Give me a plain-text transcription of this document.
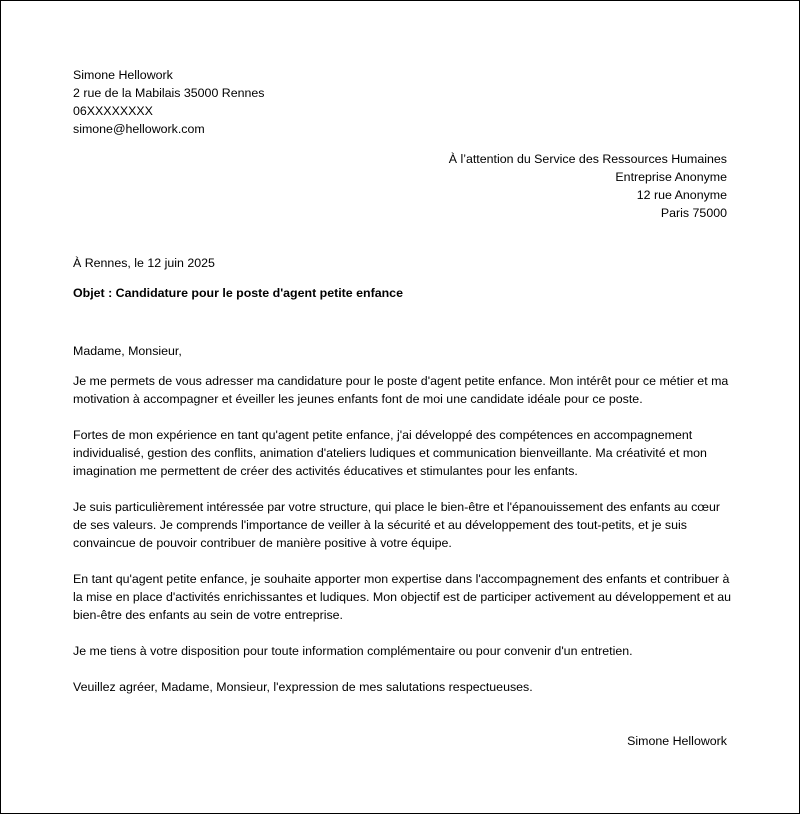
Simone Hellowork
2 rue de la Mabilais 35000 Rennes
06XXXXXXXX
simone@hellowork.com
À l’attention du Service des Ressources Humaines
Entreprise Anonyme
12 rue Anonyme
Paris 75000
À Rennes, le 12 juin 2025
Objet : Candidature pour le poste d'agent petite enfance
Madame, Monsieur,

Je me permets de vous adresser ma candidature pour le poste d'agent petite enfance. Mon intérêt pour ce métier et ma motivation à accompagner et éveiller les jeunes enfants font de moi une candidate idéale pour ce poste.

Fortes de mon expérience en tant qu'agent petite enfance, j'ai développé des compétences en accompagnement individualisé, gestion des conflits, animation d'ateliers ludiques et communication bienveillante. Ma créativité et mon imagination me permettent de créer des activités éducatives et stimulantes pour les enfants.

Je suis particulièrement intéressée par votre structure, qui place le bien-être et l'épanouissement des enfants au cœur de ses valeurs. Je comprends l'importance de veiller à la sécurité et au développement des tout-petits, et je suis convaincue de pouvoir contribuer de manière positive à votre équipe.

En tant qu'agent petite enfance, je souhaite apporter mon expertise dans l'accompagnement des enfants et contribuer à la mise en place d'activités enrichissantes et ludiques. Mon objectif est de participer activement au développement et au bien-être des enfants au sein de votre entreprise.

Je me tiens à votre disposition pour toute information complémentaire ou pour convenir d'un entretien.

Veuillez agréer, Madame, Monsieur, l'expression de mes salutations respectueuses.

Simone Hellowork
